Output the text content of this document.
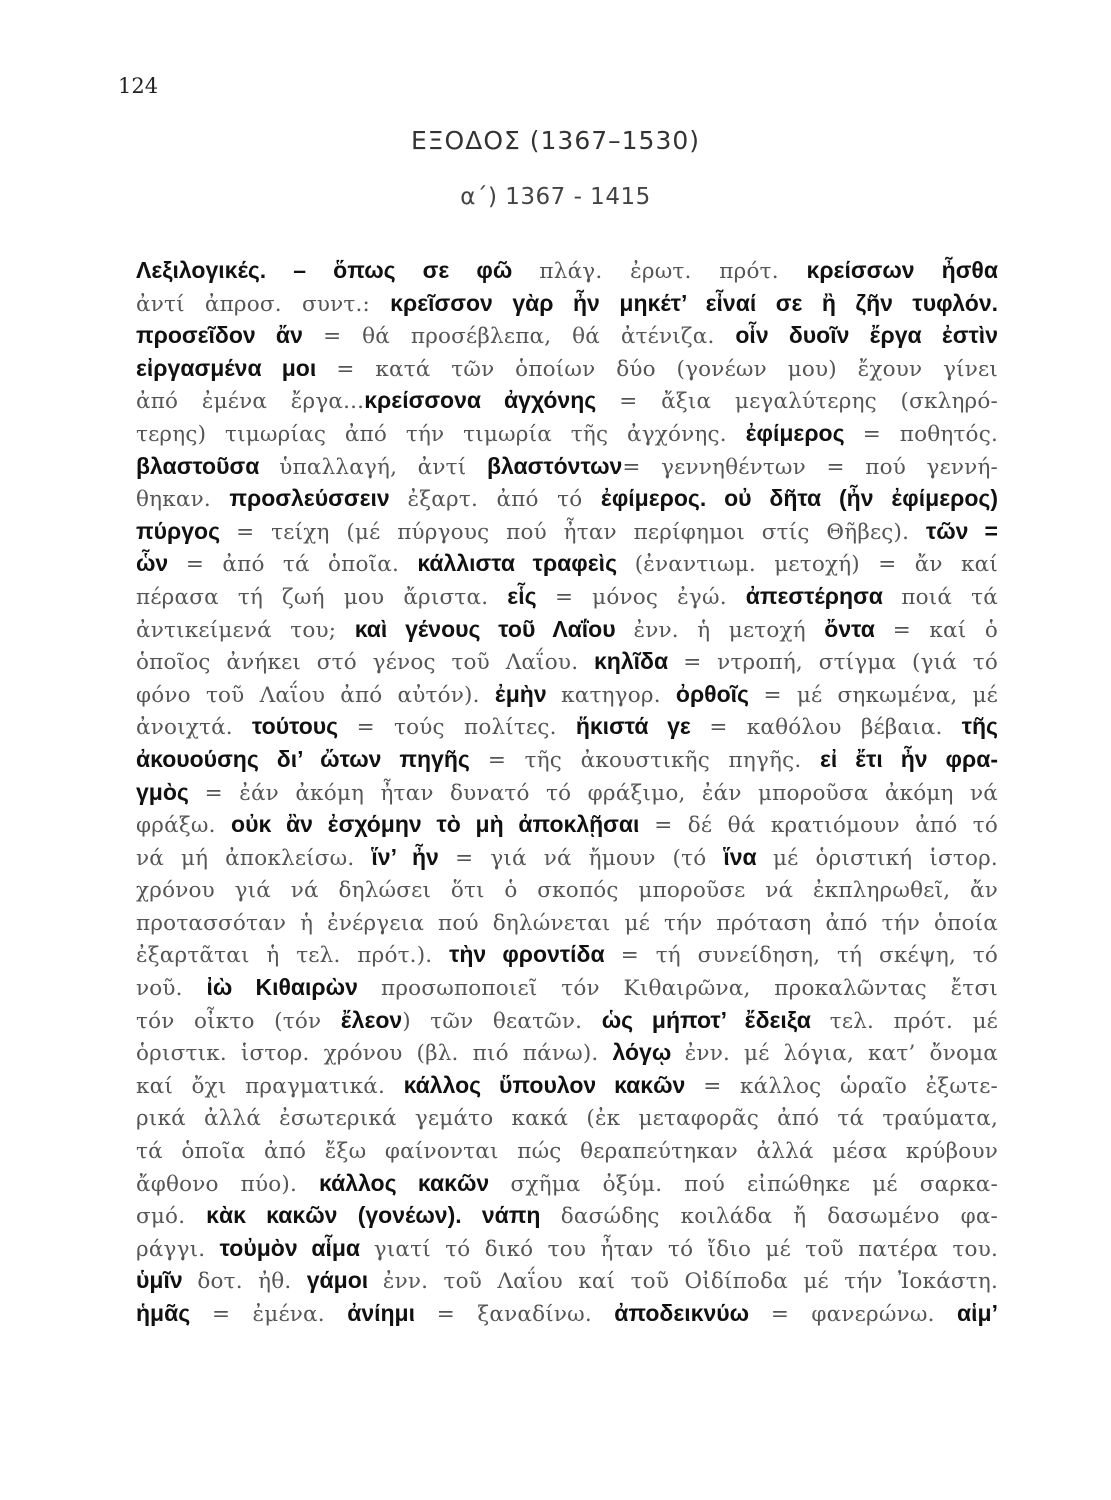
124
ΕΞΟΔΟΣ (1367–1530)
α΄) 1367 - 1415
Λεξιλογικές. – ὅπως σε φῶ πλάγ. ἐρωτ. πρότ. κρείσσων ἦσθα
ἀντί ἀπροσ. συντ.: κρεῖσσον γὰρ ἦν μηκέτ’ εἶναί σε ἢ ζῆν τυφλόν.
προσεῖδον ἄν = θά προσέβλεπα, θά ἀτένιζα. οἷν δυοῖν ἔργα ἐστὶν
εἰργασμένα μοι = κατά τῶν ὁποίων δύο (γονέων μου) ἔχουν γίνει
ἀπό ἐμένα ἔργα...κρείσσονα ἀγχόνης = ἄξια μεγαλύτερης (σκληρό-
τερης) τιμωρίας ἀπό τήν τιμωρία τῆς ἀγχόνης. ἐφίμερος = ποθητός.
βλαστοῦσα ὑπαλλαγή, ἀντί βλαστόντων= γεννηθέντων = πού γεννή-
θηκαν. προσλεύσσειν ἐξαρτ. ἀπό τό ἐφίμερος. οὐ δῆτα (ἦν ἐφίμερος)
πύργος = τείχη (μέ πύργους πού ἦταν περίφημοι στίς Θῆβες). τῶν =
ὧν = ἀπό τά ὁποῖα. κάλλιστα τραφεὶς (ἐναντιωμ. μετοχή) = ἄν καί
πέρασα τή ζωή μου ἄριστα. εἷς = μόνος ἐγώ. ἀπεστέρησα ποιά τά
ἀντικείμενά του; καὶ γένους τοῦ Λαΐου ἐνν. ἡ μετοχή ὄντα = καί ὁ
ὁποῖος ἀνήκει στό γένος τοῦ Λαΐου. κηλῖδα = ντροπή, στίγμα (γιά τό
φόνο τοῦ Λαΐου ἀπό αὐτόν). ἐμὴν κατηγορ. ὀρθοῖς = μέ σηκωμένα, μέ
ἀνοιχτά. τούτους = τούς πολίτες. ἥκιστά γε = καθόλου βέβαια. τῆς
ἀκουούσης δι’ ὤτων πηγῆς = τῆς ἀκουστικῆς πηγῆς. εἰ ἔτι ἦν φρα-
γμὸς = ἐάν ἀκόμη ἦταν δυνατό τό φράξιμο, ἐάν μποροῦσα ἀκόμη νά
φράξω. οὐκ ἂν ἐσχόμην τὸ μὴ ἀποκλῇσαι = δέ θά κρατιόμουν ἀπό τό
νά μή ἀποκλείσω. ἵν’ ἦν = γιά νά ἤμουν (τό ἵνα μέ ὁριστική ἱστορ.
χρόνου γιά νά δηλώσει ὅτι ὁ σκοπός μποροῦσε νά ἐκπληρωθεῖ, ἄν
προτασσόταν ἡ ἐνέργεια πού δηλώνεται μέ τήν πρόταση ἀπό τήν ὁποία
ἐξαρτᾶται ἡ τελ. πρότ.). τὴν φροντίδα = τή συνείδηση, τή σκέψη, τό
νοῦ. ἰὼ Κιθαιρὼν προσωποποιεῖ τόν Κιθαιρῶνα, προκαλῶντας ἔτσι
τόν οἶκτο (τόν ἔλεον) τῶν θεατῶν. ὡς μήποτ’ ἔδειξα τελ. πρότ. μέ
ὁριστικ. ἱστορ. χρόνου (βλ. πιό πάνω). λόγῳ ἐνν. μέ λόγια, κατ’ ὄνομα
καί ὄχι πραγματικά. κάλλος ὕπουλον κακῶν = κάλλος ὡραῖο ἐξωτε-
ρικά ἀλλά ἐσωτερικά γεμάτο κακά (ἐκ μεταφορᾶς ἀπό τά τραύματα,
τά ὁποῖα ἀπό ἔξω φαίνονται πώς θεραπεύτηκαν ἀλλά μέσα κρύβουν
ἄφθονο πύο). κάλλος κακῶν σχῆμα ὀξύμ. πού εἰπώθηκε μέ σαρκα-
σμό. κὰκ κακῶν (γονέων). νάπη δασώδης κοιλάδα ἤ δασωμένο φα-
ράγγι. τοὐμὸν αἷμα γιατί τό δικό του ἦταν τό ἴδιο μέ τοῦ πατέρα του.
ὑμῖν δοτ. ἠθ. γάμοι ἐνν. τοῦ Λαΐου καί τοῦ Οἰδίποδα μέ τήν Ἰοκάστη.
ἡμᾶς = ἐμένα. ἀνίημι = ξαναδίνω. ἀποδεικνύω = φανερώνω. αἱμ’
